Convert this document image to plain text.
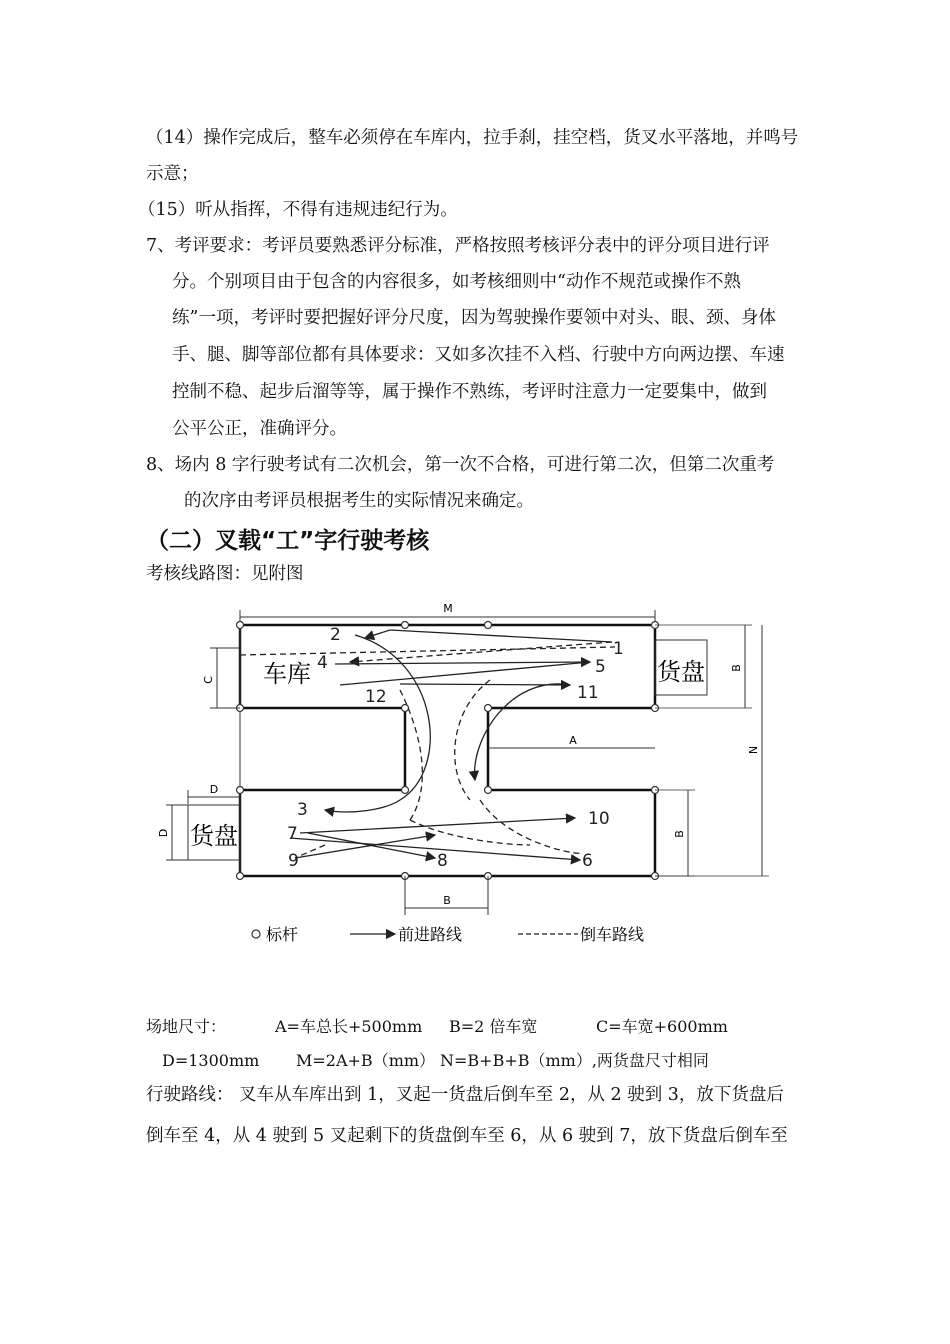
（14）操作完成后，整车必须停在车库内，拉手刹，挂空档，货叉水平落地，并鸣号
示意；
（15）听从指挥，不得有违规违纪行为。
7、考评要求：考评员要熟悉评分标准，严格按照考核评分表中的评分项目进行评
分。个别项目由于包含的内容很多，如考核细则中“动作不规范或操作不熟
练”一项，考评时要把握好评分尺度，因为驾驶操作要领中对头、眼、颈、身体
手、腿、脚等部位都有具体要求：又如多次挂不入档、行驶中方向两边摆、车速
控制不稳、起步后溜等等，属于操作不熟练，考评时注意力一定要集中，做到
公平公正，准确评分。
8、场内 8 字行驶考试有二次机会，第一次不合格，可进行第二次，但第二次重考
的次序由考评员根据考生的实际情况来确定。
（二）叉载“工”字行驶考核
考核线路图：见附图
M
货盘
货盘
车库
C
D
D
A
B
B
N
B
2
1
4	5
12	11
3	10
7
9	8	6
标杆	前进路线	倒车路线
场地尺寸：	A=车总长+500mm B=2 倍车宽	C=车宽+600mm
D=1300mm M=2A+B（mm） N=B+B+B（mm）,两货盘尺寸相同
行驶路线： 叉车从车库出到 1，叉起一货盘后倒车至 2，从 2 驶到 3，放下货盘后
倒车至 4，从 4 驶到 5 叉起剩下的货盘倒车至 6，从 6 驶到 7，放下货盘后倒车至
